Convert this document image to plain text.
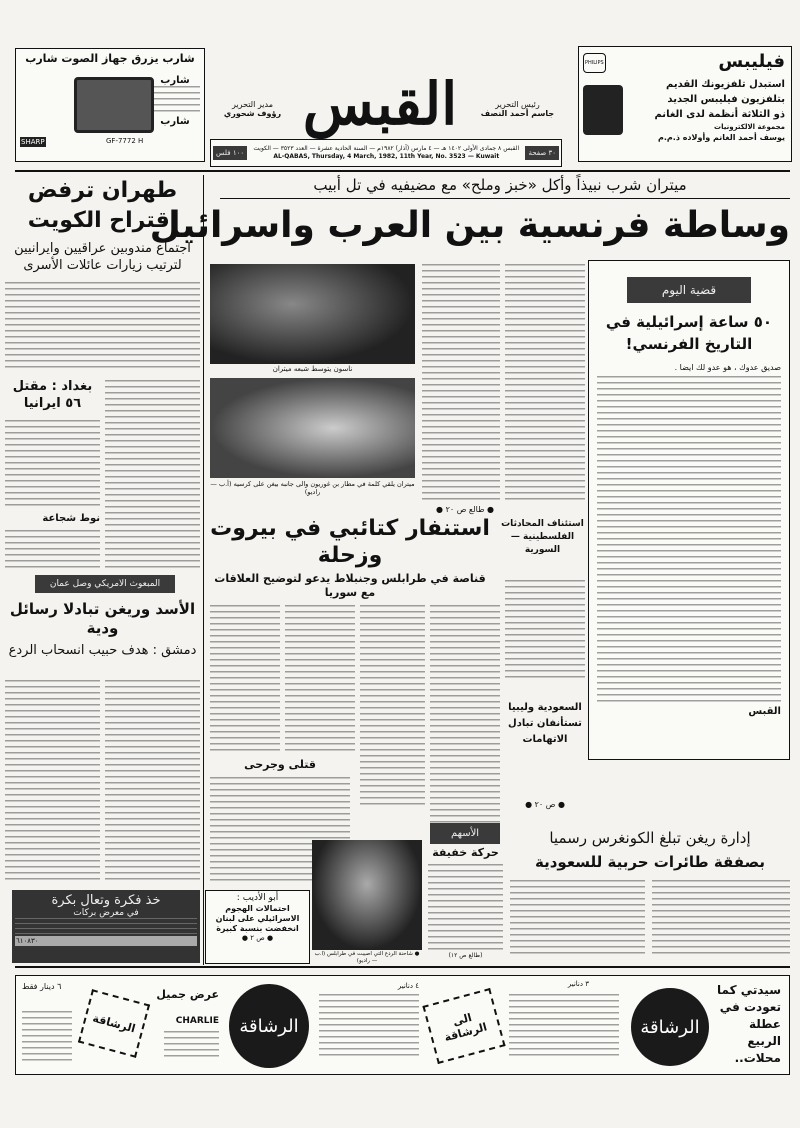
شارب يزرق جهاز الصوت شارب
شارب
شارب
GF-7772 H
SHARP
القبس
مدير التحرير
رؤوف شحوري
رئيس التحرير
جاسم أحمد النصف
١٠٠ فلس
القبس ٨ جمادى الأولى ١٤٠٢ هـ — ٤ مارس (آذار) ١٩٨٢م — السنة الحادية عشرة — العدد ٣٥٢٣ — الكويت
AL-QABAS, Thursday, 4 March, 1982, 11th Year, No. 3523 — Kuwait	٣٠ صفحة
فيليبس
PHILIPS
استبدل تلفزيونك القديم
بتلفزيون فيليبس الجديد
ذو الثلاثة أنظمة لدى الغانم
مجموعة الالكترونيات
يوسف أحمد الغانم وأولاده ذ.م.م
ميتران شرب نبيذاً وأكل «خبز وملح» مع مضيفيه في تل أبيب
وساطة فرنسية بين العرب واسرائيل
ناسون يتوسط شبعه ميتران
ميتران يلقي كلمة في مطار بن غوريون والى جانبه بيغن على كرسيه (أ.ب — راديو)
● طالع ص ٢٠ ●
قضية اليوم
٥٠ ساعة إسرائيلية في التاريخ الفرنسي!
صديق عدوك ، هو عدو لك ايضا .
القبس
طهران ترفض اقتراح الكويت
اجتماع مندوبين عراقيين وايرانيين لترتيب زيارات عائلات الأسرى
بغداد : مقتل ٥٦ ايرانيا
نوط شجاعة
المبعوث الامريكي وصل عمان
الأسد وريغن تبادلا رسائل ودية
دمشق : هدف حبيب انسحاب الردع
خذ فكرة وتعال بكرة
في معرض بركات
٦١٠٨٣٠
استنفار كتائبي في بيروت وزحلة
قناصة في طرابلس وجنبلاط يدعو لتوضيح العلاقات مع سوريا
قتلى وجرحى
استئناف المحادثات الفلسطينية — السورية
السعودية وليبيا تستأنفان تبادل الاتهامات
● ص ٢٠ ●
أبو الأديب :
احتمالات الهجوم الاسرائيلي على لبنان انخفضت بنسبة كبيرة
● ص ٢ ●
● شاحنة الردع التي اصيبت في طرابلس (ا.ب — راديو)
الأسهم
حركة خفيفة
(طالع ص ١٢)
إدارة ريغن تبلغ الكونغرس رسميا
بصفقة طائرات حربية للسعودية
سيدتي كما تعودت في عطلة الربيع محلات..
الرشاقة
٣ دنانير
الى الرشاقة
٤ دنانير
الرشاقة
عرض جميل
CHARLIE
الرشاقة
٦ دينار فقط
